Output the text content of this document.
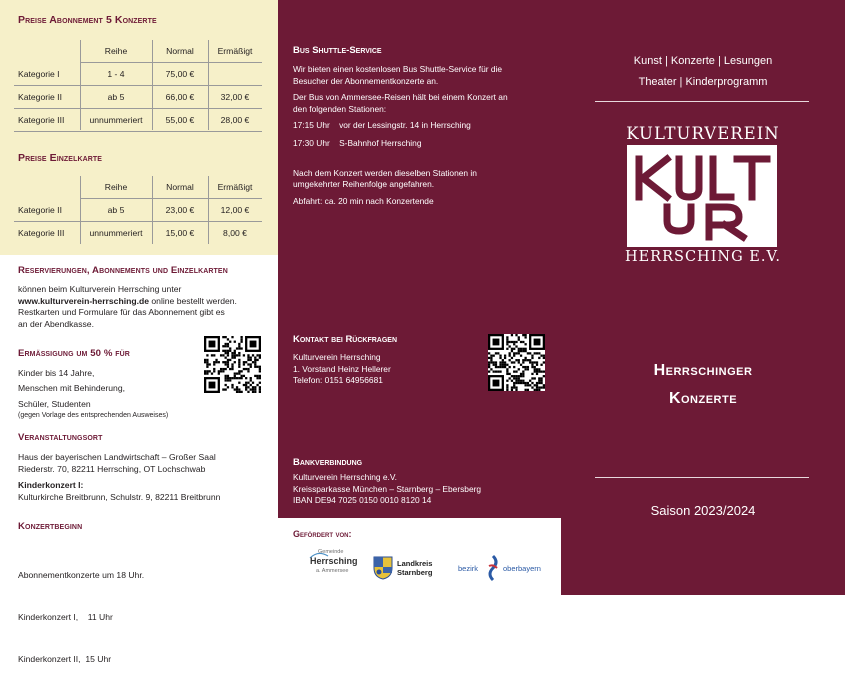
Preise Abonnement 5 Konzerte
Reihe	Normal	Ermäßigt
Kategorie I	1 - 4	75,00 €
Kategorie II	ab 5	66,00 €	32,00 €
Kategorie III	unnummeriert	55,00 €	28,00 €
Preise Einzelkarte
Reihe	Normal	Ermäßigt
Kategorie II	ab 5	23,00 €	12,00 €
Kategorie III	unnummeriert	15,00 €	8,00 €
Reservierungen, Abonnements und Einzelkarten
können beim Kulturverein Herrsching unter
www.kulturverein-herrsching.de online bestellt werden.
Restkarten und Formulare für das Abonnement gibt es
an der Abendkasse.
Ermäßigung um 50 % für
Kinder bis 14 Jahre,
Menschen mit Behinderung,
Schüler, Studenten
(gegen Vorlage des entsprechenden Ausweises)
Veranstaltungsort
Haus der bayerischen Landwirtschaft – Großer Saal
Riederstr. 70, 82211 Herrsching, OT Lochschwab
Kinderkonzert I:
Kulturkirche Breitbrunn, Schulstr. 9, 82211 Breitbrunn
Konzertbeginn

Abonnementkonzerte um 18 Uhr.

Kinderkonzert I,    11 Uhr

Kinderkonzert II,  15 Uhr

Bus Shuttle-Service
Wir bieten einen kostenlosen Bus Shuttle-Service für die
Besucher der Abonnementkonzerte an.
Der Bus von Ammersee-Reisen hält bei einem Konzert an
den folgenden Stationen:
17:15 Uhr    vor der Lessingstr. 14 in Herrsching
17:30 Uhr    S-Bahnhof Herrsching
Nach dem Konzert werden dieselben Stationen in
umgekehrter Reihenfolge angefahren.
Abfahrt: ca. 20 min nach Konzertende
Kontakt bei Rückfragen
Kulturverein Herrsching
1. Vorstand Heinz Hellerer
Telefon: 0151 64956681
Bankverbindung
Kulturverein Herrsching e.V.
Kreissparkasse München – Starnberg – Ebersberg
IBAN DE94 7025 0150 0010 8120 14
Gefördert von:
Gemeinde
Herrsching
a. Ammersee
Landkreis
Starnberg	bezirk	oberbayern
Kunst | Konzerte | Lesungen
Theater | Kinderprogramm
KULTURVEREIN
HERRSCHING E.V.
Herrschinger
Konzerte
Saison 2023/2024
